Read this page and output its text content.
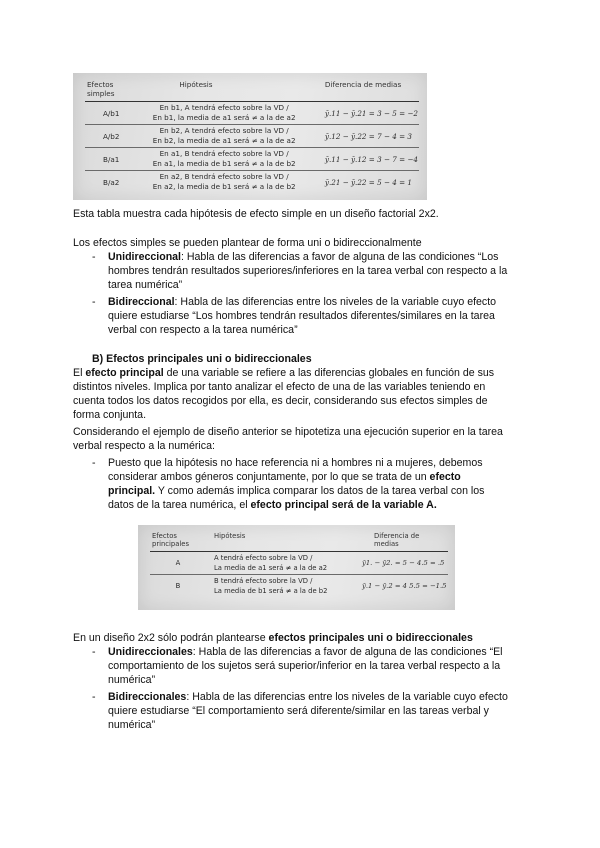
Efectos simples	Hipótesis	Diferencia de medias
A/b1	En b1, A tendrá efecto sobre la VD /
En b1, la media de a1 será ≠ a la de a2	ȳ.11 − ȳ.21 = 3 − 5 = −2
A/b2	En b2, A tendrá efecto sobre la VD /
En b2, la media de a1 será ≠ a la de a2	ȳ.12 − ȳ.22 = 7 − 4 = 3
B/a1	En a1, B tendrá efecto sobre la VD /
En a1, la media de b1 será ≠ a la de b2	ȳ.11 − ȳ.12 = 3 − 7 = −4
B/a2	En a2, B tendrá efecto sobre la VD /
En a2, la media de b1 será ≠ a la de b2	ȳ.21 − ȳ.22 = 5 − 4 = 1
Esta tabla muestra cada hipótesis de efecto simple en un diseño factorial 2x2.
Los efectos simples se pueden plantear de forma uni o bidireccionalmente
- Unidireccional: Habla de las diferencias a favor de alguna de las condiciones “Los
hombres tendrán resultados superiores/inferiores en la tarea verbal con respecto a la
tarea numérica”
- Bidireccional: Habla de las diferencias entre los niveles de la variable cuyo efecto
quiere estudiarse “Los hombres tendrán resultados diferentes/similares en la tarea
verbal con respecto a la tarea numérica”
B) Efectos principales uni o bidireccionales
El efecto principal de una variable se refiere a las diferencias globales en función de sus
distintos niveles. Implica por tanto analizar el efecto de una de las variables teniendo en
cuenta todos los datos recogidos por ella, es decir, considerando sus efectos simples de
forma conjunta.
Considerando el ejemplo de diseño anterior se hipotetiza una ejecución superior en la tarea
verbal respecto a la numérica:
- Puesto que la hipótesis no hace referencia ni a hombres ni a mujeres, debemos
considerar ambos géneros conjuntamente, por lo que se trata de un efecto
principal. Y como además implica comparar los datos de la tarea verbal con los
datos de la tarea numérica, el efecto principal será de la variable A.
Efectos principales	Hipótesis	Diferencia de medias
A	A tendrá efecto sobre la VD /
La media de a1 será ≠ a la de a2	ȳ1. − ȳ2. = 5 − 4.5 = .5
B	B tendrá efecto sobre la VD /
La media de b1 será ≠ a la de b2	ȳ.1 − ȳ.2 = 4 5.5 = −1.5
En un diseño 2x2 sólo podrán plantearse efectos principales uni o bidireccionales
- Unidireccionales: Habla de las diferencias a favor de alguna de las condiciones “El
comportamiento de los sujetos será superior/inferior en la tarea verbal respecto a la
numérica”
- Bidireccionales: Habla de las diferencias entre los niveles de la variable cuyo efecto
quiere estudiarse “El comportamiento será diferente/similar en las tareas verbal y
numérica”
